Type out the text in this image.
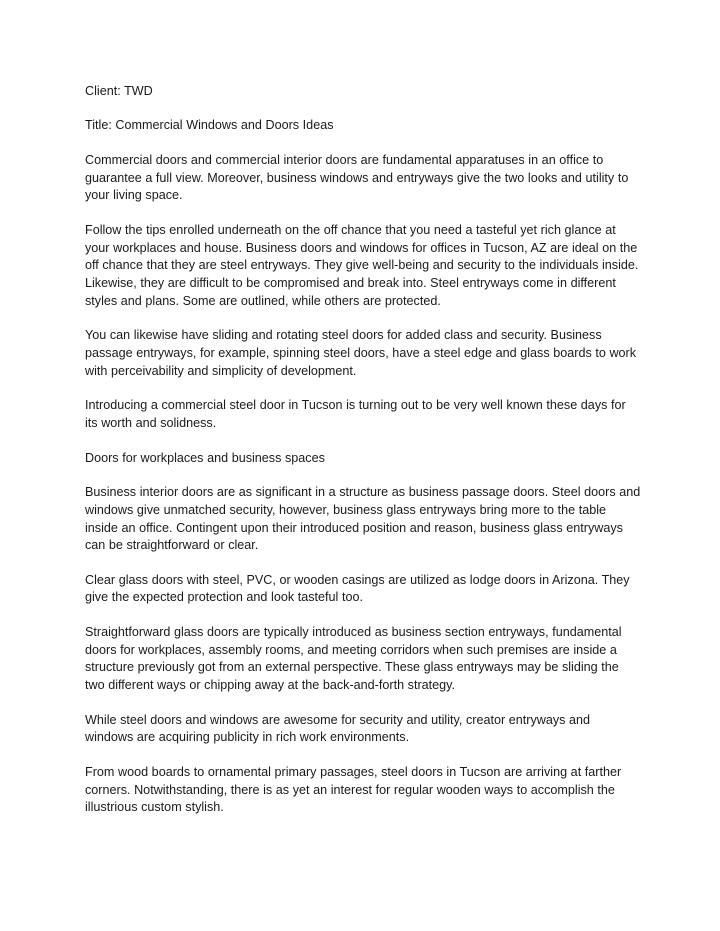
Client: TWD

Title: Commercial Windows and Doors Ideas

Commercial doors and commercial interior doors are fundamental apparatuses in an office to guarantee a full view. Moreover, business windows and entryways give the two looks and utility to your living space.

Follow the tips enrolled underneath on the off chance that you need a tasteful yet rich glance at your workplaces and house. Business doors and windows for offices in Tucson, AZ are ideal on the off chance that they are steel entryways. They give well-being and security to the individuals inside. Likewise, they are difficult to be compromised and break into. Steel entryways come in different styles and plans. Some are outlined, while others are protected.

You can likewise have sliding and rotating steel doors for added class and security. Business passage entryways, for example, spinning steel doors, have a steel edge and glass boards to work with perceivability and simplicity of development.

Introducing a commercial steel door in Tucson is turning out to be very well known these days for its worth and solidness.

Doors for workplaces and business spaces

Business interior doors are as significant in a structure as business passage doors. Steel doors and windows give unmatched security, however, business glass entryways bring more to the table inside an office. Contingent upon their introduced position and reason, business glass entryways can be straightforward or clear.

Clear glass doors with steel, PVC, or wooden casings are utilized as lodge doors in Arizona. They give the expected protection and look tasteful too.

Straightforward glass doors are typically introduced as business section entryways, fundamental doors for workplaces, assembly rooms, and meeting corridors when such premises are inside a structure previously got from an external perspective. These glass entryways may be sliding the two different ways or chipping away at the back-and-forth strategy.

While steel doors and windows are awesome for security and utility, creator entryways and windows are acquiring publicity in rich work environments.

From wood boards to ornamental primary passages, steel doors in Tucson are arriving at farther corners. Notwithstanding, there is as yet an interest for regular wooden ways to accomplish the illustrious custom stylish.
